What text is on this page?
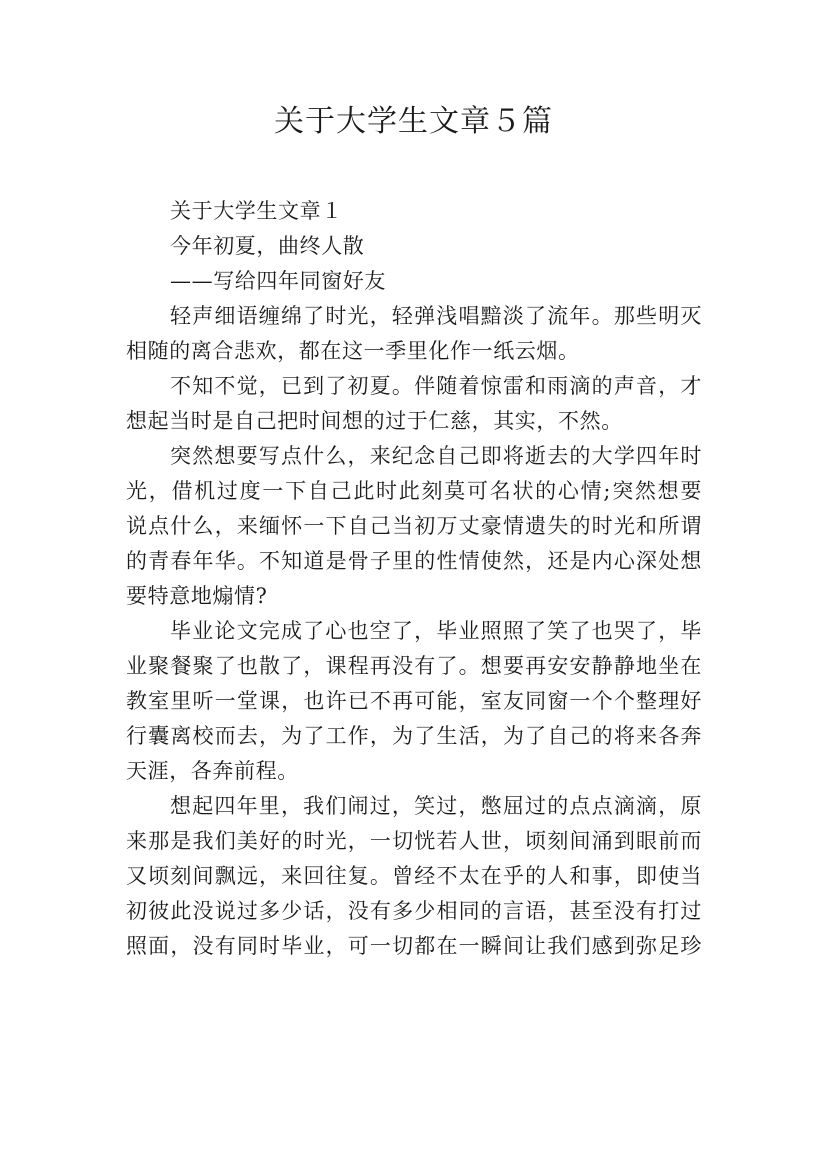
关于大学生文章５篇
关于大学生文章１
今年初夏，曲终人散
——写给四年同窗好友
轻声细语缠绵了时光，轻弹浅唱黯淡了流年。那些明灭
相随的离合悲欢，都在这一季里化作一纸云烟。
不知不觉，已到了初夏。伴随着惊雷和雨滴的声音，才
想起当时是自己把时间想的过于仁慈，其实，不然。
突然想要写点什么，来纪念自己即将逝去的大学四年时
光，借机过度一下自己此时此刻莫可名状的心情;突然想要
说点什么，来缅怀一下自己当初万丈豪情遗失的时光和所谓
的青春年华。不知道是骨子里的性情使然，还是内心深处想
要特意地煽情?
毕业论文完成了心也空了，毕业照照了笑了也哭了，毕
业聚餐聚了也散了，课程再没有了。想要再安安静静地坐在
教室里听一堂课，也许已不再可能，室友同窗一个个整理好
行囊离校而去，为了工作，为了生活，为了自己的将来各奔
天涯，各奔前程。
想起四年里，我们闹过，笑过，憋屈过的点点滴滴，原
来那是我们美好的时光，一切恍若人世，顷刻间涌到眼前而
又顷刻间飘远，来回往复。曾经不太在乎的人和事，即使当
初彼此没说过多少话，没有多少相同的言语，甚至没有打过
照面，没有同时毕业，可一切都在一瞬间让我们感到弥足珍
